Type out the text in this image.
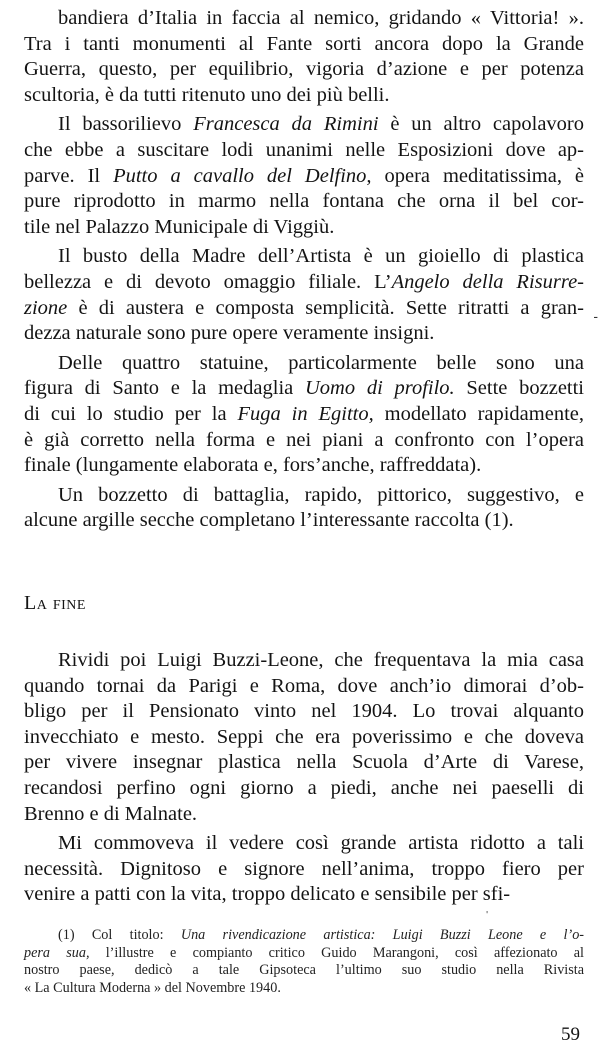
bandiera d’Italia in faccia al nemico, gridando « Vittoria! ».
Tra i tanti monumenti al Fante sorti ancora dopo la Grande
Guerra, questo, per equilibrio, vigoria d’azione e per potenza
scultoria, è da tutti ritenuto uno dei più belli.

Il bassorilievo Francesca da Rimini è un altro capolavoro
che ebbe a suscitare lodi unanimi nelle Esposizioni dove ap-
parve. Il Putto a cavallo del Delfino, opera meditatissima, è
pure riprodotto in marmo nella fontana che orna il bel cor-
tile nel Palazzo Municipale di Viggiù.

Il busto della Madre dell’Artista è un gioiello di plastica
bellezza e di devoto omaggio filiale. L’Angelo della Risurre-
zione è di austera e composta semplicità. Sette ritratti a gran-
dezza naturale sono pure opere veramente insigni.

Delle quattro statuine, particolarmente belle sono una
figura di Santo e la medaglia Uomo di profilo. Sette bozzetti
di cui lo studio per la Fuga in Egitto, modellato rapidamente,
è già corretto nella forma e nei piani a confronto con l’opera
finale (lungamente elaborata e, fors’anche, raffreddata).

Un bozzetto di battaglia, rapido, pittorico, suggestivo, e
alcune argille secche completano l’interessante raccolta (1).

La fine

Rividi poi Luigi Buzzi-Leone, che frequentava la mia casa
quando tornai da Parigi e Roma, dove anch’io dimorai d’ob-
bligo per il Pensionato vinto nel 1904. Lo trovai alquanto
invecchiato e mesto. Seppi che era poverissimo e che doveva
per vivere insegnar plastica nella Scuola d’Arte di Varese,
recandosi perfino ogni giorno a piedi, anche nei paeselli di
Brenno e di Malnate.

Mi commoveva il vedere così grande artista ridotto a tali
necessità. Dignitoso e signore nell’anima, troppo fiero per
venire a patti con la vita, troppo delicato e sensibile per sfi-

(1) Col titolo: Una rivendicazione artistica: Luigi Buzzi Leone e l’o-
pera sua, l’illustre e compianto critico Guido Marangoni, così affezionato al
nostro paese, dedicò a tale Gipsoteca l’ultimo suo studio nella Rivista
« La Cultura Moderna » del Novembre 1940.
-
'
59
